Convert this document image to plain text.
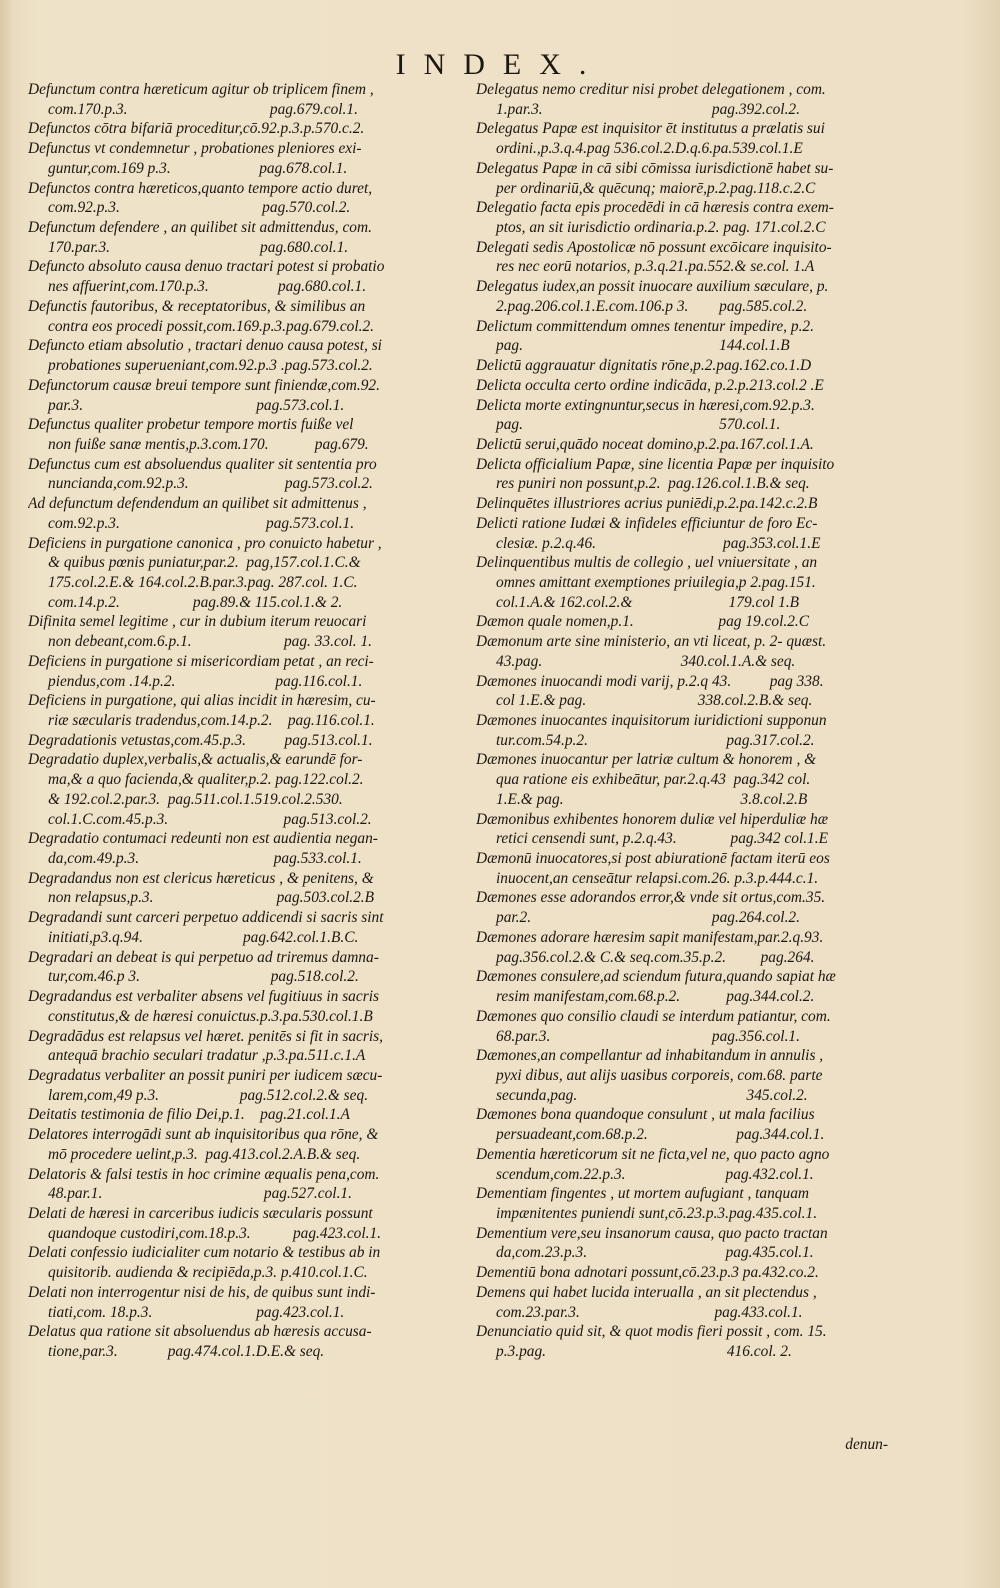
INDEX.
Defunctum contra hæreticum agitur ob triplicem finem ,
com.170.p.3.                                     pag.679.col.1.
Defunctos cōtra bifariā proceditur,cō.92.p.3.p.570.c.2.
Defunctus vt condemnetur , probationes pleniores exi-
guntur,com.169 p.3.                       pag.678.col.1.
Defunctos contra hæreticos,quanto tempore actio duret,
com.92.p.3.                                     pag.570.col.2.
Defunctum defendere , an quilibet sit admittendus, com.
170.par.3.                                       pag.680.col.1.
Defuncto absoluto causa denuo tractari potest si probatio
nes affuerint,com.170.p.3.                  pag.680.col.1.
Defunctis fautoribus, & receptatoribus, & similibus an
contra eos procedi possit,com.169.p.3.pag.679.col.2.
Defuncto etiam absolutio , tractari denuo causa potest, si
probationes superueniant,com.92.p.3 .pag.573.col.2.
Defunctorum causæ breui tempore sunt finiendæ,com.92.
par.3.                                             pag.573.col.1.
Defunctus qualiter probetur tempore mortis fuiße vel
non fuiße sanæ mentis,p.3.com.170.            pag.679.
Defunctus cum est absoluendus qualiter sit sententia pro
nuncianda,com.92.p.3.                         pag.573.col.2.
Ad defunctum defendendum an quilibet sit admittenus ,
com.92.p.3.                                      pag.573.col.1.
Deficiens in purgatione canonica , pro conuicto habetur ,
& quibus pœnis puniatur,par.2.  pag,157.col.1.C.&
175.col.2.E.& 164.col.2.B.par.3.pag. 287.col. 1.C.
com.14.p.2.                   pag.89.& 115.col.1.& 2.
Difinita semel legitime , cur in dubium iterum reuocari
non debeant,com.6.p.1.                        pag. 33.col. 1.
Deficiens in purgatione si misericordiam petat , an reci-
piendus,com .14.p.2.                          pag.116.col.1.
Deficiens in purgatione, qui alias incidit in hæresim, cu-
riæ sæcularis tradendus,com.14.p.2.    pag.116.col.1.
Degradationis vetustas,com.45.p.3.          pag.513.col.1.
Degradatio duplex,verbalis,& actualis,& earundē for-
ma,& a quo facienda,& qualiter,p.2. pag.122.col.2.
& 192.col.2.par.3.  pag.511.col.1.519.col.2.530.
col.1.C.com.45.p.3.                              pag.513.col.2.
Degradatio contumaci redeunti non est audientia negan-
da,com.49.p.3.                                   pag.533.col.1.
Degradandus non est clericus hæreticus , & penitens, &
non relapsus,p.3.                                pag.503.col.2.B
Degradandi sunt carceri perpetuo addicendi si sacris sint
initiati,p3.q.94.                          pag.642.col.1.B.C.
Degradari an debeat is qui perpetuo ad triremus damna-
tur,com.46.p 3.                                  pag.518.col.2.
Degradandus est verbaliter absens vel fugitiuus in sacris
constitutus,& de hæresi conuictus.p.3.pa.530.col.1.B
Degradādus est relapsus vel hæret. penitēs si fit in sacris,
antequā brachio seculari tradatur ,p.3.pa.511.c.1.A
Degradatus verbaliter an possit puniri per iudicem sæcu-
larem,com,49 p.3.                     pag.512.col.2.& seq.
Deitatis testimonia de filio Dei,p.1.    pag.21.col.1.A
Delatores interrogādi sunt ab inquisitoribus qua rōne, &
mō procedere uelint,p.3.  pag.413.col.2.A.B.& seq.
Delatoris & falsi testis in hoc crimine æqualis pena,com.
48.par.1.                                          pag.527.col.1.
Delati de hæresi in carceribus iudicis sæcularis possunt
quandoque custodiri,com.18.p.3.           pag.423.col.1.
Delati confessio iudicialiter cum notario & testibus ab in
quisitorib. audienda & recipiēda,p.3. p.410.col.1.C.
Delati non interrogentur nisi de his, de quibus sunt indi-
tiati,com. 18.p.3.                           pag.423.col.1.
Delatus qua ratione sit absoluendus ab hæresis accusa-
tione,par.3.             pag.474.col.1.D.E.& seq.
Delegatus nemo creditur nisi probet delegationem , com.
1.par.3.                                            pag.392.col.2.
Delegatus Papæ est inquisitor ēt institutus a prælatis sui
ordini.,p.3.q.4.pag 536.col.2.D.q.6.pa.539.col.1.E
Delegatus Papæ in cā sibi cōmissa iurisdictionē habet su-
per ordinariū,& quēcunq; maiorē,p.2.pag.118.c.2.C
Delegatio facta epis procedēdi in cā hæresis contra exem-
ptos, an sit iurisdictio ordinaria.p.2. pag. 171.col.2.C
Delegati sedis Apostolicæ nō possunt excōicare inquisito-
res nec eorū notarios, p.3.q.21.pa.552.& se.col. 1.A
Delegatus iudex,an possit inuocare auxilium sæculare, p.
2.pag.206.col.1.E.com.106.p 3.        pag.585.col.2.
Delictum committendum omnes tenentur impedire, p.2.
pag.                                                   144.col.1.B
Delictū aggrauatur dignitatis rōne,p.2.pag.162.co.1.D
Delicta occulta certo ordine indicāda, p.2.p.213.col.2 .E
Delicta morte extingnuntur,secus in hæresi,com.92.p.3.
pag.                                                   570.col.1.
Delictū serui,quādo noceat domino,p.2.pa.167.col.1.A.
Delicta officialium Papæ, sine licentia Papæ per inquisito
res puniri non possunt,p.2.  pag.126.col.1.B.& seq.
Delinquētes illustriores acrius puniēdi,p.2.pa.142.c.2.B
Delicti ratione Iudæi & infideles efficiuntur de foro Ec-
clesiæ. p.2.q.46.                                 pag.353.col.1.E
Delinquentibus multis de collegio , uel vniuersitate , an
omnes amittant exemptiones priuilegia,p 2.pag.151.
col.1.A.& 162.col.2.&                         179.col 1.B
Dæmon quale nomen,p.1.                      pag 19.col.2.C
Dæmonum arte sine ministerio, an vti liceat, p. 2- quæst.
43.pag.                                    340.col.1.A.& seq.
Dæmones inuocandi modi varij, p.2.q 43.          pag 338.
col 1.E.& pag.                             338.col.2.B.& seq.
Dæmones inuocantes inquisitorum iuridictioni supponun
tur.com.54.p.2.                                    pag.317.col.2.
Dæmones inuocantur per latriæ cultum & honorem , &
qua ratione eis exhibeātur, par.2.q.43  pag.342 col.
1.E.& pag.                                              3.8.col.2.B
Dæmonibus exhibentes honorem duliæ vel hiperduliæ hæ
retici censendi sunt, p.2.q.43.              pag.342 col.1.E
Dæmonū inuocatores,si post abiurationē factam iterū eos
inuocent,an censeātur relapsi.com.26. p.3.p.444.c.1.
Dæmones esse adorandos error,& vnde sit ortus,com.35.
par.2.                                               pag.264.col.2.
Dæmones adorare hæresim sapit manifestam,par.2.q.93.
pag.356.col.2.& C.& seq.com.35.p.2.         pag.264.
Dæmones consulere,ad sciendum futura,quando sapiat hæ
resim manifestam,com.68.p.2.            pag.344.col.2.
Dæmones quo consilio claudi se interdum patiantur, com.
68.par.3.                                          pag.356.col.1.
Dæmones,an compellantur ad inhabitandum in annulis ,
pyxi dibus, aut alijs uasibus corporeis, com.68. parte
secunda,pag.                                            345.col.2.
Dæmones bona quandoque consulunt , ut mala facilius
persuadeant,com.68.p.2.                       pag.344.col.1.
Dementia hæreticorum sit ne ficta,vel ne, quo pacto agno
scendum,com.22.p.3.                          pag.432.col.1.
Dementiam fingentes , ut mortem aufugiant , tanquam
impænitentes puniendi sunt,cō.23.p.3.pag.435.col.1.
Dementium vere,seu insanorum causa, quo pacto tractan
da,com.23.p.3.                                    pag.435.col.1.
Dementiū bona adnotari possunt,cō.23.p.3 pa.432.co.2.
Demens qui habet lucida interualla , an sit plectendus ,
com.23.par.3.                                   pag.433.col.1.
Denunciatio quid sit, & quot modis fieri possit , com. 15.
p.3.pag.                                               416.col. 2.
denun-
